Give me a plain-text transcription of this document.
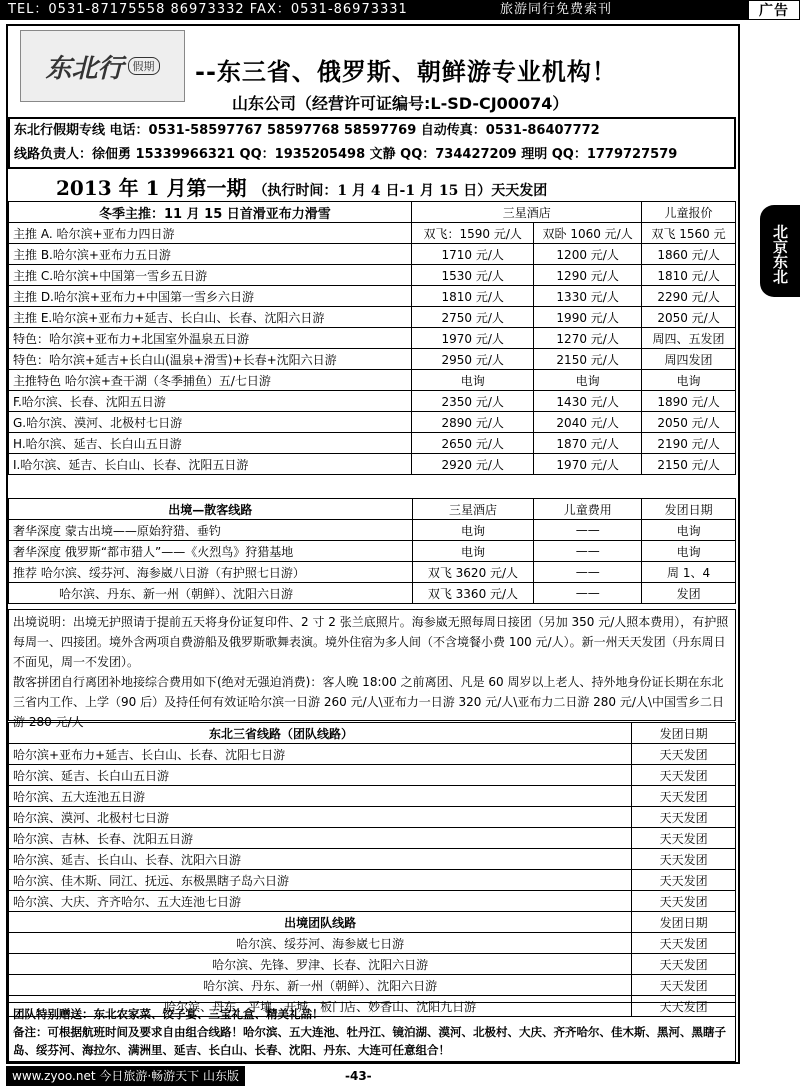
TEL：0531-87175558 86973332 FAX：0531-86973331	旅游同行免费索刊	广告
北京东北
东北行 假期 --东三省、俄罗斯、朝鲜游专业机构！
山东公司（经营许可证编号:L-SD-CJ00074）
东北行假期专线 电话：0531-58597767 58597768 58597769 自动传真：0531-86407772
线路负责人：徐佃勇 15339966321 QQ：1935205498 文静 QQ：734427209 理明 QQ：1779727579
2013 年 1 月第一期 （执行时间：1 月 4 日-1 月 15 日）天天发团
冬季主推：11 月 15 日首滑亚布力滑雪	三星酒店		儿童报价
主推 A. 哈尔滨+亚布力四日游	双飞：1590 元/人	双卧 1060 元/人	双飞 1560 元
主推 B.哈尔滨+亚布力五日游	1710 元/人	1200 元/人	1860 元/人
主推 C.哈尔滨+中国第一雪乡五日游	1530 元/人	1290 元/人	1810 元/人
主推 D.哈尔滨+亚布力+中国第一雪乡六日游	1810 元/人	1330 元/人	2290 元/人
主推 E.哈尔滨+亚布力+延吉、长白山、长春、沈阳六日游	2750 元/人	1990 元/人	2050 元/人
特色：哈尔滨+亚布力+北国室外温泉五日游	1970 元/人	1270 元/人	周四、五发团
特色：哈尔滨+延吉+长白山(温泉+滑雪)+长春+沈阳六日游	2950 元/人	2150 元/人	周四发团
主推特色 哈尔滨+查干湖（冬季捕鱼）五/七日游	电询	电询	电询
F.哈尔滨、长春、沈阳五日游	2350 元/人	1430 元/人	1890 元/人
G.哈尔滨、漠河、北极村七日游	2890 元/人	2040 元/人	2050 元/人
H.哈尔滨、延吉、长白山五日游	2650 元/人	1870 元/人	2190 元/人
I.哈尔滨、延吉、长白山、长春、沈阳五日游	2920 元/人	1970 元/人	2150 元/人
出境—散客线路	三星酒店	儿童费用	发团日期
奢华深度 蒙古出境——原始狩猎、垂钓	电询	——	电询
奢华深度 俄罗斯“都市猎人”——《火烈鸟》狩猎基地	电询	——	电询
推荐 哈尔滨、绥芬河、海参崴八日游（有护照七日游）	双飞 3620 元/人	——	周 1、4
哈尔滨、丹东、新一州（朝鲜）、沈阳六日游	双飞 3360 元/人	——	发团
出境说明：出境无护照请于提前五天将身份证复印件、2 寸 2 张兰底照片。海参崴无照每周日接团（另加 350 元/人照本费用），有护照每周一、四接团。境外含两项自费游船及俄罗斯歌舞表演。境外住宿为多人间（不含境餐小费 100 元/人）。新一州天天发团（丹东周日不面见，周一不发团）。
散客拼团自行离团补地接综合费用如下(绝对无强迫消费)：客人晚 18:00 之前离团、凡是 60 周岁以上老人、持外地身份证长期在东北三省内工作、上学（90 后）及持任何有效证哈尔滨一日游 260 元/人\亚布力一日游 320 元/人\亚布力二日游 280 元/人\中国雪乡二日游 280 元/人
东北三省线路（团队线路）	发团日期
哈尔滨+亚布力+延吉、长白山、长春、沈阳七日游	天天发团
哈尔滨、延吉、长白山五日游	天天发团
哈尔滨、五大连池五日游	天天发团
哈尔滨、漠河、北极村七日游	天天发团
哈尔滨、吉林、长春、沈阳五日游	天天发团
哈尔滨、延吉、长白山、长春、沈阳六日游	天天发团
哈尔滨、佳木斯、同江、抚远、东极黑瞎子岛六日游	天天发团
哈尔滨、大庆、齐齐哈尔、五大连池七日游	天天发团
出境团队线路	发团日期
哈尔滨、绥芬河、海参崴七日游	天天发团
哈尔滨、先锋、罗津、长春、沈阳六日游	天天发团
哈尔滨、丹东、新一州（朝鲜）、沈阳六日游	天天发团
哈尔滨、丹东、平壤、开城、板门店、妙香山、沈阳九日游	天天发团
团队特别赠送：东北农家菜、饺子宴、三宝礼盒、精美礼品！
备注：可根据航班时间及要求自由组合线路！哈尔滨、五大连池、牡丹江、镜泊湖、漠河、北极村、大庆、齐齐哈尔、佳木斯、黑河、黑瞎子岛、绥芬河、海拉尔、满洲里、延吉、长白山、长春、沈阳、丹东、大连可任意组合！
www.zyoo.net 今日旅游·畅游天下 山东版	-43-
